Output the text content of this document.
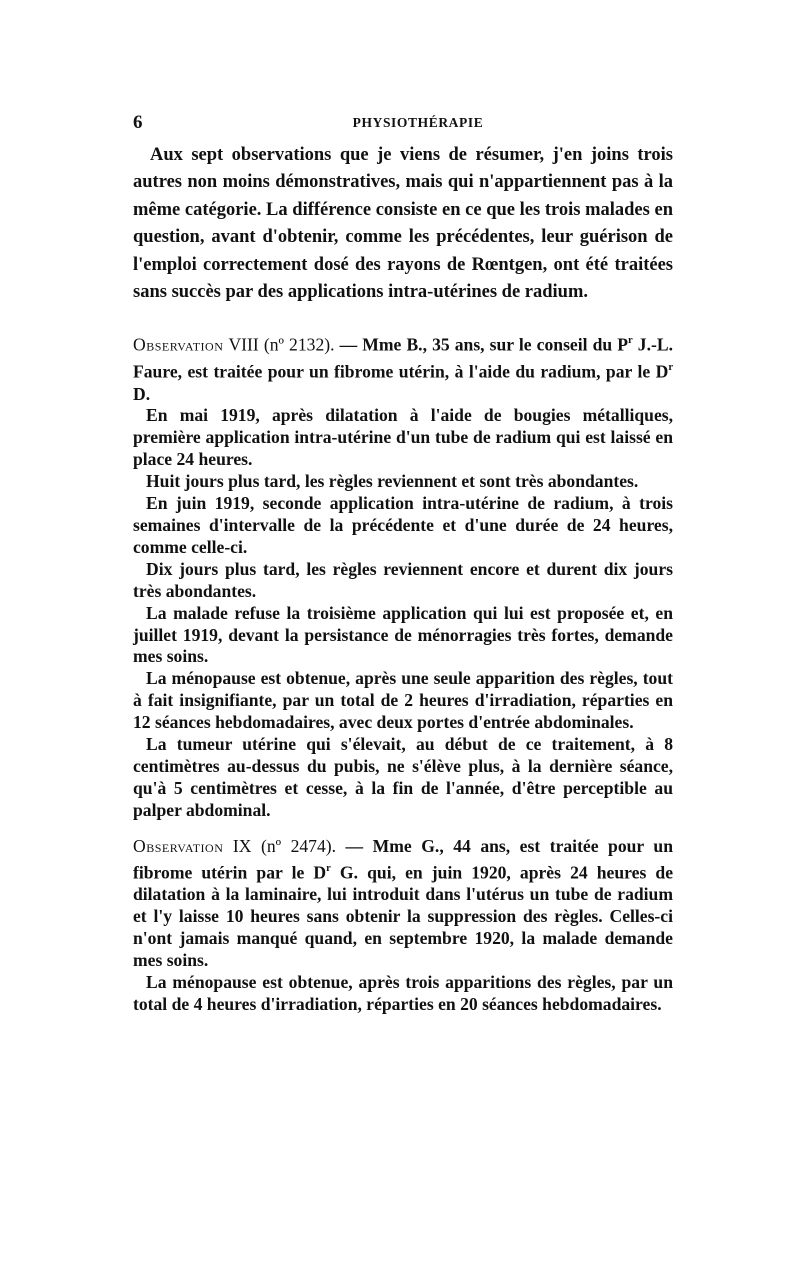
6	PHYSIOTHÉRAPIE

Aux sept observations que je viens de résumer, j'en joins trois autres non moins démonstratives, mais qui n'appartiennent pas à la même catégorie. La différence consiste en ce que les trois malades en question, avant d'obtenir, comme les précédentes, leur guérison de l'emploi correctement dosé des rayons de Rœntgen, ont été traitées sans succès par des applications intra-utérines de radium.

Observation VIII (nº 2132). — Mme B., 35 ans, sur le conseil du $P^r$ J.-L. Faure, est traitée pour un fibrome utérin, à l'aide du radium, par le $D^r$ D.

En mai 1919, après dilatation à l'aide de bougies métalliques, première application intra-utérine d'un tube de radium qui est laissé en place 24 heures.

Huit jours plus tard, les règles reviennent et sont très abondantes.

En juin 1919, seconde application intra-utérine de radium, à trois semaines d'intervalle de la précédente et d'une durée de 24 heures, comme celle-ci.

Dix jours plus tard, les règles reviennent encore et durent dix jours très abondantes.

La malade refuse la troisième application qui lui est proposée et, en juillet 1919, devant la persistance de ménorragies très fortes, demande mes soins.

La ménopause est obtenue, après une seule apparition des règles, tout à fait insignifiante, par un total de 2 heures d'irradiation, réparties en 12 séances hebdomadaires, avec deux portes d'entrée abdominales.

La tumeur utérine qui s'élevait, au début de ce traitement, à 8 centimètres au-dessus du pubis, ne s'élève plus, à la dernière séance, qu'à 5 centimètres et cesse, à la fin de l'année, d'être perceptible au palper abdominal.

Observation IX (nº 2474). — Mme G., 44 ans, est traitée pour un fibrome utérin par le $D^r$ G. qui, en juin 1920, après 24 heures de dilatation à la laminaire, lui introduit dans l'utérus un tube de radium et l'y laisse 10 heures sans obtenir la suppression des règles. Celles-ci n'ont jamais manqué quand, en septembre 1920, la malade demande mes soins.

La ménopause est obtenue, après trois apparitions des règles, par un total de 4 heures d'irradiation, réparties en 20 séances hebdomadaires.
